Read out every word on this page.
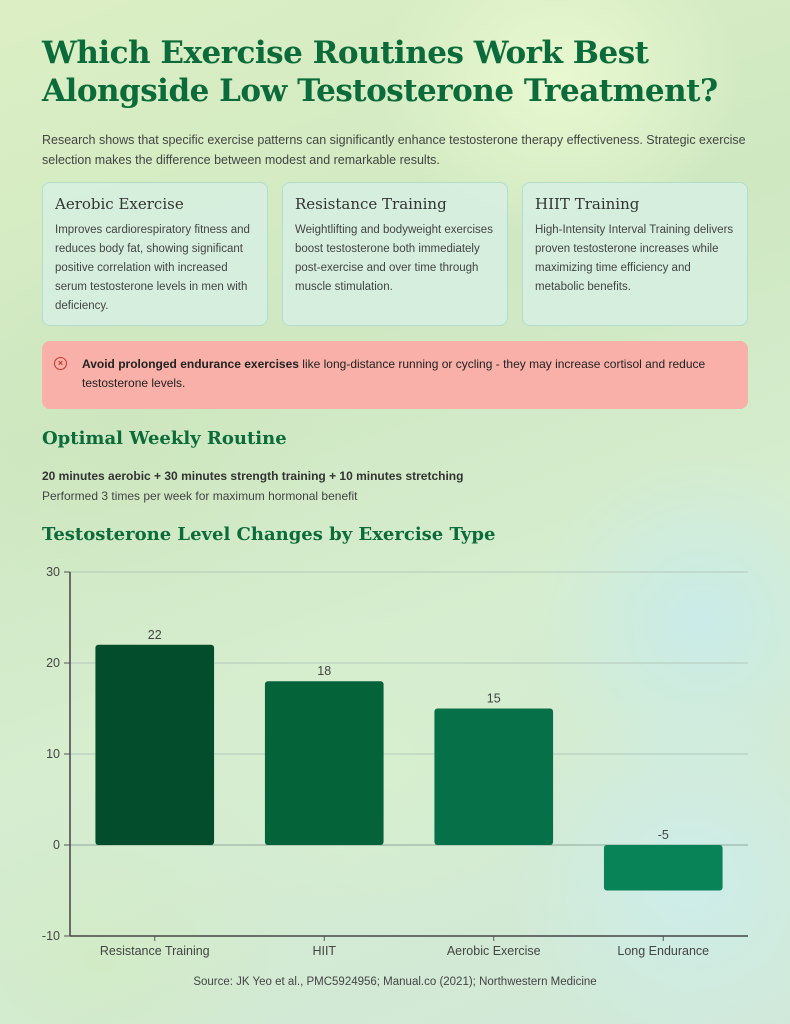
Which Exercise Routines Work Best Alongside Low Testosterone Treatment?

Research shows that specific exercise patterns can significantly enhance testosterone therapy effectiveness. Strategic exercise selection makes the difference between modest and remarkable results.

Aerobic Exercise

Improves cardiorespiratory fitness and reduces body fat, showing significant positive correlation with increased serum testosterone levels in men with deficiency.

Resistance Training

Weightlifting and bodyweight exercises boost testosterone both immediately post-exercise and over time through muscle stimulation.

HIIT Training

High-Intensity Interval Training delivers proven testosterone increases while maximizing time efficiency and metabolic benefits.

×	Avoid prolonged endurance exercises like long-distance running or cycling - they may increase cortisol and reduce testosterone levels.
Optimal Weekly Routine
20 minutes aerobic + 30 minutes strength training + 10 minutes stretching
Performed 3 times per week for maximum hormonal benefit
Testosterone Level Changes by Exercise Type
-10
0
10
20
30
22
Resistance Training
18
HIIT
15
Aerobic Exercise
-5
Long Endurance
Source: JK Yeo et al., PMC5924956; Manual.co (2021); Northwestern Medicine
